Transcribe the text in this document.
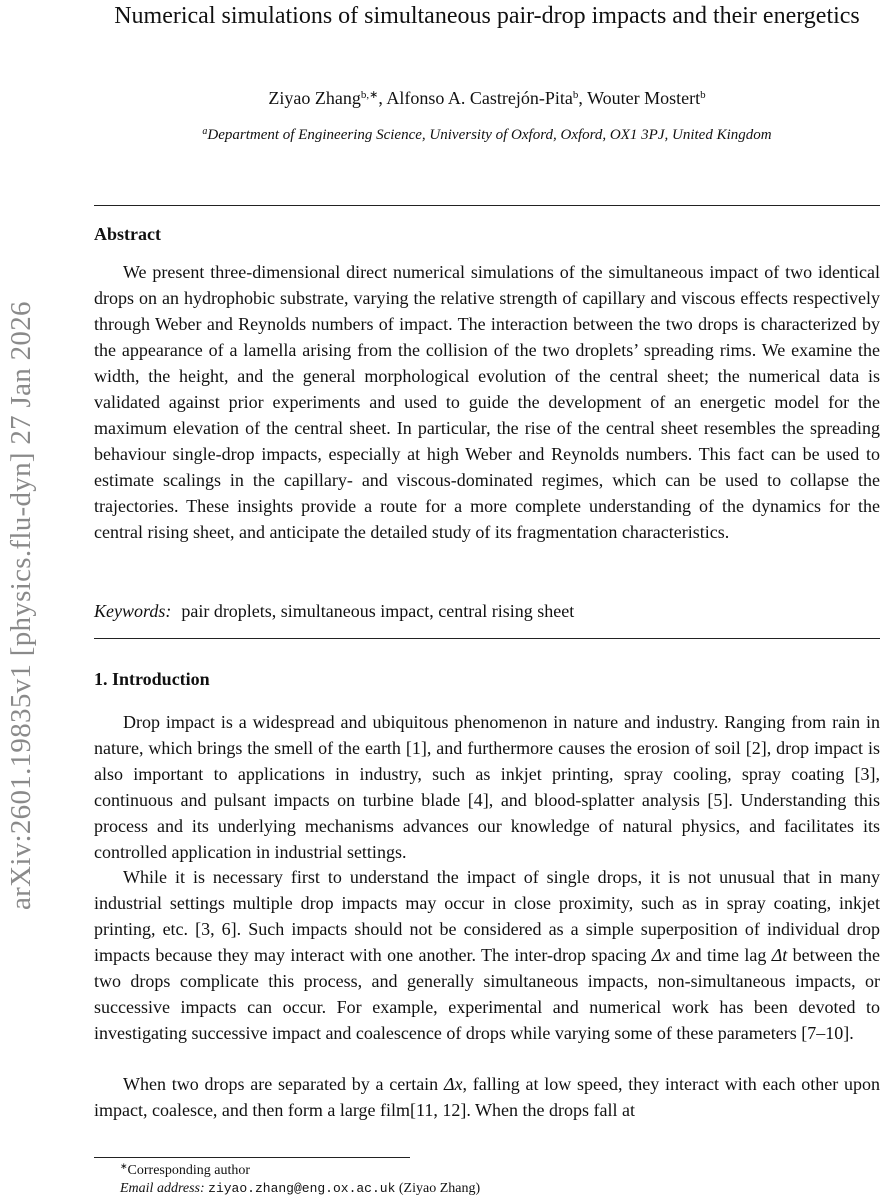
arXiv:2601.19835v1 [physics.flu-dyn] 27 Jan 2026
Numerical simulations of simultaneous pair-drop impacts and their energetics
Ziyao Zhang$^{b,∗}$, Alfonso A. Castrejón-Pita$^b$, Wouter Mostert$^b$
$^a$Department of Engineering Science, University of Oxford, Oxford, OX1 3PJ, United Kingdom
Abstract

We present three-dimensional direct numerical simulations of the simultaneous impact of two identical drops on an hydrophobic substrate, varying the relative strength of capillary and viscous effects respectively through Weber and Reynolds numbers of impact. The interaction between the two drops is characterized by the appearance of a lamella arising from the collision of the two droplets’ spreading rims. We examine the width, the height, and the general morphological evolution of the central sheet; the numerical data is validated against prior experiments and used to guide the development of an energetic model for the maximum elevation of the central sheet. In particular, the rise of the central sheet resembles the spreading behaviour single-drop impacts, especially at high Weber and Reynolds numbers. This fact can be used to estimate scalings in the capillary- and viscous-dominated regimes, which can be used to collapse the trajectories. These insights provide a route for a more complete understanding of the dynamics for the central rising sheet, and anticipate the detailed study of its fragmentation characteristics.

Keywords: pair droplets, simultaneous impact, central rising sheet
1. Introduction

Drop impact is a widespread and ubiquitous phenomenon in nature and industry. Ranging from rain in nature, which brings the smell of the earth [1], and furthermore causes the erosion of soil [2], drop impact is also important to applications in industry, such as inkjet printing, spray cooling, spray coating [3], continuous and pulsant impacts on turbine blade [4], and blood-splatter analysis [5]. Understanding this process and its underlying mechanisms advances our knowledge of natural physics, and facilitates its controlled application in industrial settings.

While it is necessary first to understand the impact of single drops, it is not unusual that in many industrial settings multiple drop impacts may occur in close proximity, such as in spray coating, inkjet printing, etc. [3, 6]. Such impacts should not be considered as a simple superposition of individual drop impacts because they may interact with one another. The inter-drop spacing Δx and time lag Δt between the two drops complicate this process, and generally simultaneous impacts, non-simultaneous impacts, or successive impacts can occur. For example, experimental and numerical work has been devoted to investigating successive impact and coalescence of drops while varying some of these parameters [7–10].

When two drops are separated by a certain Δx, falling at low speed, they interact with each other upon impact, coalesce, and then form a large film[11, 12]. When the drops fall at

∗Corresponding author
Email address: ziyao.zhang@eng.ox.ac.uk (Ziyao Zhang)
